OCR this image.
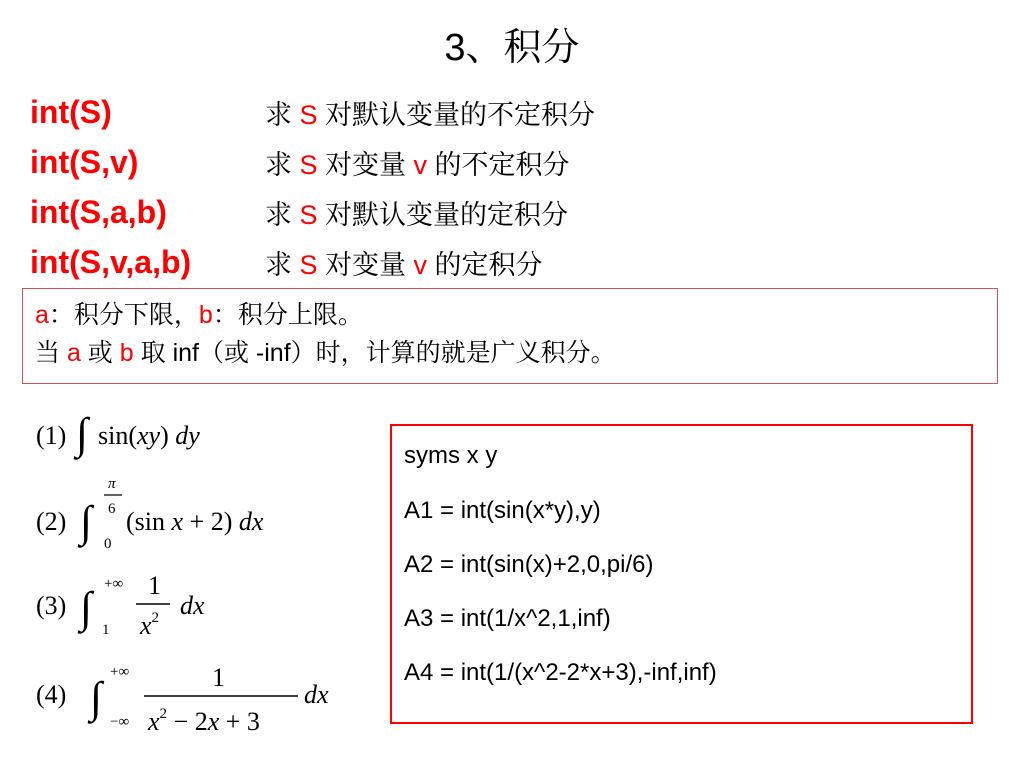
3、积分
int(S)
int(S,v)
int(S,a,b)
int(S,v,a,b)
求 S 对默认变量的不定积分
求 S 对变量 v 的不定积分
求 S 对默认变量的定积分
求 S 对变量 v 的定积分
a：积分下限，b：积分上限。
当 a 或 b 取 inf（或 -inf）时，计算的就是广义积分。
(1) ∫ sin(xy) dy
(2) ∫
π
6
0
(sin x + 2) dx
(3) ∫ +∞
1
1
$x^2$ dx
(4) ∫
+∞
−∞
1
$x^2 - 2x + 3$
dx
syms x y
A1 = int(sin(x*y),y)
A2 = int(sin(x)+2,0,pi/6)
A3 = int(1/x^2,1,inf)
A4 = int(1/(x^2-2*x+3),-inf,inf)
